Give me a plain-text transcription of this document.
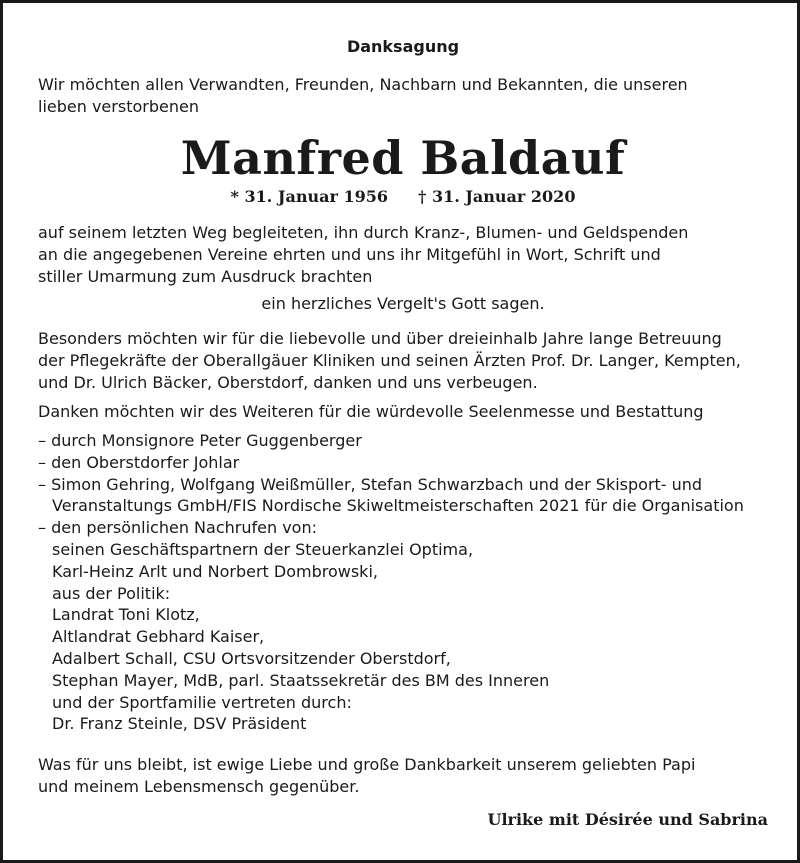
Danksagung
Wir möchten allen Verwandten, Freunden, Nachbarn und Bekannten, die unseren
lieben verstorbenen
Manfred Baldauf
* 31. Januar 1956 † 31. Januar 2020
auf seinem letzten Weg begleiteten, ihn durch Kranz-, Blumen- und Geldspenden
an die angegebenen Vereine ehrten und uns ihr Mitgefühl in Wort, Schrift und
stiller Umarmung zum Ausdruck brachten
ein herzliches Vergelt's Gott sagen.
Besonders möchten wir für die liebevolle und über dreieinhalb Jahre lange Betreuung
der Pflegekräfte der Oberallgäuer Kliniken und seinen Ärzten Prof. Dr. Langer, Kempten,
und Dr. Ulrich Bäcker, Oberstdorf, danken und uns verbeugen.
Danken möchten wir des Weiteren für die würdevolle Seelenmesse und Bestattung
– durch Monsignore Peter Guggenberger
– den Oberstdorfer Johlar
– Simon Gehring, Wolfgang Weißmüller, Stefan Schwarzbach und der Skisport- und
Veranstaltungs GmbH/FIS Nordische Skiweltmeisterschaften 2021 für die Organisation
– den persönlichen Nachrufen von:
seinen Geschäftspartnern der Steuerkanzlei Optima,
Karl-Heinz Arlt und Norbert Dombrowski,
aus der Politik:
Landrat Toni Klotz,
Altlandrat Gebhard Kaiser,
Adalbert Schall, CSU Ortsvorsitzender Oberstdorf,
Stephan Mayer, MdB, parl. Staatssekretär des BM des Inneren
und der Sportfamilie vertreten durch:
Dr. Franz Steinle, DSV Präsident
Was für uns bleibt, ist ewige Liebe und große Dankbarkeit unserem geliebten Papi
und meinem Lebensmensch gegenüber.
Ulrike mit Désirée und Sabrina
